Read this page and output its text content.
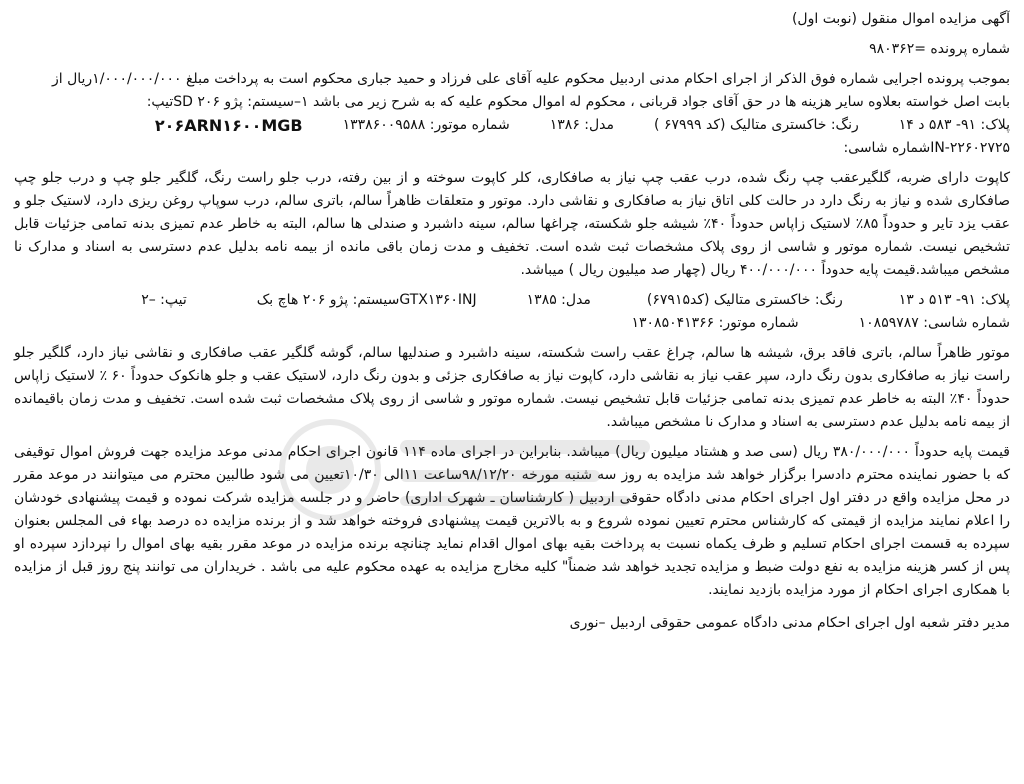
آگهی مزایده اموال منقول (نوبت اول)
شماره پرونده =۹۸۰۳۶۲
بموجب پرونده اجرایی شماره فوق الذکر از اجرای احکام مدنی اردبیل محکوم علیه آقای علی فرزاد و حمید جباری محکوم است به پرداخت مبلغ ۱/۰۰۰/۰۰۰/۰۰۰ریال از
بابت اصل خواسته بعلاوه سایر هزینه ها در حق آقای جواد قربانی ، محکوم له اموال محکوم علیه که به شرح زیر می باشد ۱–سیستم: پژو ۲۰۶ SDتیپ:
پلاک: ۹۱- ۵۸۳ د ۱۴
رنگ: خاکستری متالیک (کد ۶۷۹۹۹ )
مدل: ۱۳۸۶
شماره موتور: ۱۳۳۸۶۰۰۹۵۸۸
۲۰۶ARN۱۶۰۰MGB
IN-۲۲۶۰۲۷۲۵شماره شاسی:
کاپوت دارای ضربه، گلگیرعقب چپ رنگ شده، درب عقب چپ نیاز به صافکاری، کلر کاپوت سوخته و از بین رفته، درب جلو راست رنگ، گلگیر جلو چپ و درب جلو چپ صافکاری شده و نیاز به رنگ دارد در حالت کلی اتاق نیاز به صافکاری و نقاشی دارد. موتور و متعلقات ظاهراً سالم، باتری سالم، درب سوپاپ روغن ریزی دارد، لاستیک جلو و عقب یزد تایر و حدوداً ۸۵٪ لاستیک زاپاس حدوداً ۴۰٪ شیشه جلو شکسته، چراغها سالم، سینه داشبرد و صندلی ها سالم، البته به خاطر عدم تمیزی بدنه تمامی جزئیات قابل تشخیص نیست. شماره موتور و شاسی از روی پلاک مشخصات ثبت شده است. تخفیف و مدت زمان باقی مانده از بیمه نامه بدلیل عدم دسترسی به اسناد و مدارک نا مشخص میباشد.قیمت پایه حدوداً ۴۰۰/۰۰۰/۰۰۰ ریال (چهار صد میلیون ریال ) میباشد.
پلاک: ۹۱- ۵۱۳ د ۱۳
رنگ: خاکستری متالیک (کد۶۷۹۱۵)
مدل: ۱۳۸۵
GTX۱۳۶۰INJسیستم: پژو ۲۰۶ هاچ بک
تیپ: –۲
شماره شاسی: ۱۰۸۵۹۷۸۷
شماره موتور: ۱۳۰۸۵۰۴۱۳۶۶
موتور ظاهراً سالم، باتری فاقد برق، شیشه ها سالم، چراغ عقب راست شکسته، سینه داشبرد و صندلیها سالم، گوشه گلگیر عقب صافکاری و نقاشی نیاز دارد، گلگیر جلو راست نیاز به صافکاری بدون رنگ دارد، سپر عقب نیاز به نقاشی دارد، کاپوت نیاز به صافکاری جزئی و بدون رنگ دارد، لاستیک عقب و جلو هانکوک حدوداً ۶۰ ٪ لاستیک زاپاس حدوداً ۴۰٪ البته به خاطر عدم تمیزی بدنه تمامی جزئیات قابل تشخیص نیست. شماره موتور و شاسی از روی پلاک مشخصات ثبت شده است. تخفیف و مدت زمان باقیمانده از بیمه نامه بدلیل عدم دسترسی به اسناد و مدارک نا مشخص میباشد.
قیمت پایه حدوداً ۳۸۰/۰۰۰/۰۰۰ ریال (سی صد و هشتاد میلیون ریال) میباشد. بنابراین در اجرای ماده ۱۱۴ قانون اجرای احکام مدنی موعد مزایده جهت فروش اموال توقیفی که با حضور نماینده محترم دادسرا برگزار خواهد شد مزایده به روز سه شنبه مورخه ۹۸/۱۲/۲۰ساعت ۱۱الی ۱۰/۳۰تعیین می شود طالبین محترم می میتوانند در موعد مقرر در محل مزایده واقع در دفتر اول اجرای احکام مدنی دادگاه حقوقی اردبیل ( کارشناسان ـ شهرک اداری) حاضر و در جلسه مزایده شرکت نموده و قیمت پیشنهادی خودشان را اعلام نمایند مزایده از قیمتی که کارشناس محترم تعیین نموده شروع و به بالاترین قیمت پیشنهادی فروخته خواهد شد و از برنده مزایده ده درصد بهاء فی المجلس بعنوان سپرده به قسمت اجرای احکام تسلیم و ظرف یکماه نسبت به پرداخت بقیه بهای اموال اقدام نماید چنانچه برنده مزایده در موعد مقرر بقیه بهای اموال را نپردازد سپرده او پس از کسر هزینه مزایده به نفع دولت ضبط و مزایده تجدید خواهد شد ضمناً" کلیه مخارج مزایده به عهده محکوم علیه می باشد . خریداران می توانند پنج روز قبل از مزایده با همکاری اجرای احکام از مورد مزایده بازدید نمایند.
مدیر دفتر شعبه اول اجرای احکام مدنی دادگاه عمومی حقوقی اردبیل –نوری
